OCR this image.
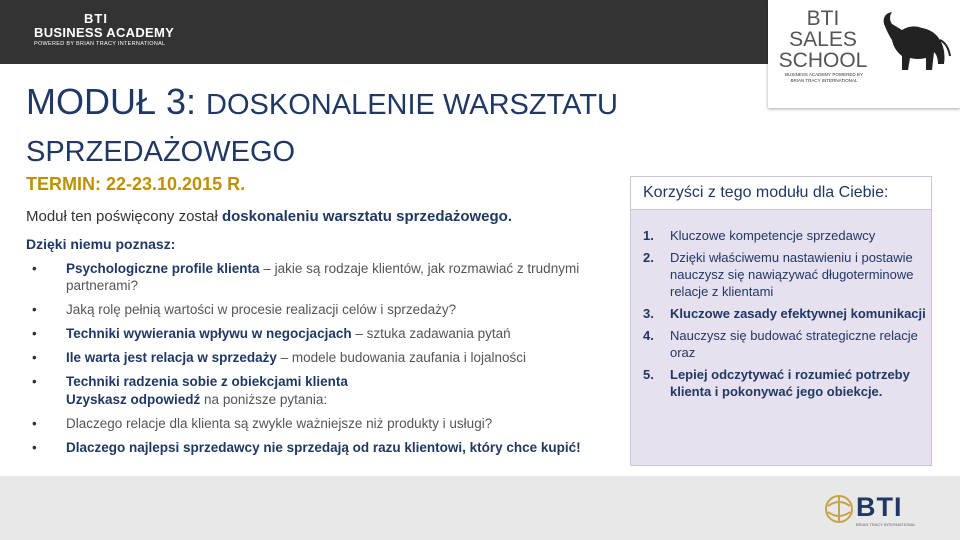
BTI
BUSINESS ACADEMY
POWERED BY BRIAN TRACY INTERNATIONAL
BTI
SALES
SCHOOL
BUSINESS ACADEMY POWERED BY
BRIAN TRACY INTERNATIONAL
MODUŁ 3: DOSKONALENIE WARSZTATU SPRZEDAŻOWEGO
TERMIN: 22-23.10.2015 R.
Moduł ten poświęcony został doskonaleniu warsztatu sprzedażowego.
Dzięki niemu poznasz:
• Psychologiczne profile klienta – jakie są rodzaje klientów, jak rozmawiać z trudnymi partnerami?
• Jaką rolę pełnią wartości w procesie realizacji celów i sprzedaży?
• Techniki wywierania wpływu w negocjacjach – sztuka zadawania pytań
• Ile warta jest relacja w sprzedaży – modele budowania zaufania i lojalności
• Techniki radzenia sobie z obiekcjami klienta
Uzyskasz odpowiedź na poniższe pytania:
• Dlaczego relacje dla klienta są zwykle ważniejsze niż produkty i usługi?
• Dlaczego najlepsi sprzedawcy nie sprzedają od razu klientowi, który chce kupić!
Korzyści z tego modułu dla Ciebie:
1. Kluczowe kompetencje sprzedawcy
2. Dzięki właściwemu nastawieniu i postawie nauczysz się nawiązywać długoterminowe relacje z klientami
3. Kluczowe zasady efektywnej komunikacji
4. Nauczysz się budować strategiczne relacje oraz
5. Lepiej odczytywać i rozumieć potrzeby klienta i pokonywać jego obiekcje.
BTI
BRIAN TRACY INTERNATIONAL
